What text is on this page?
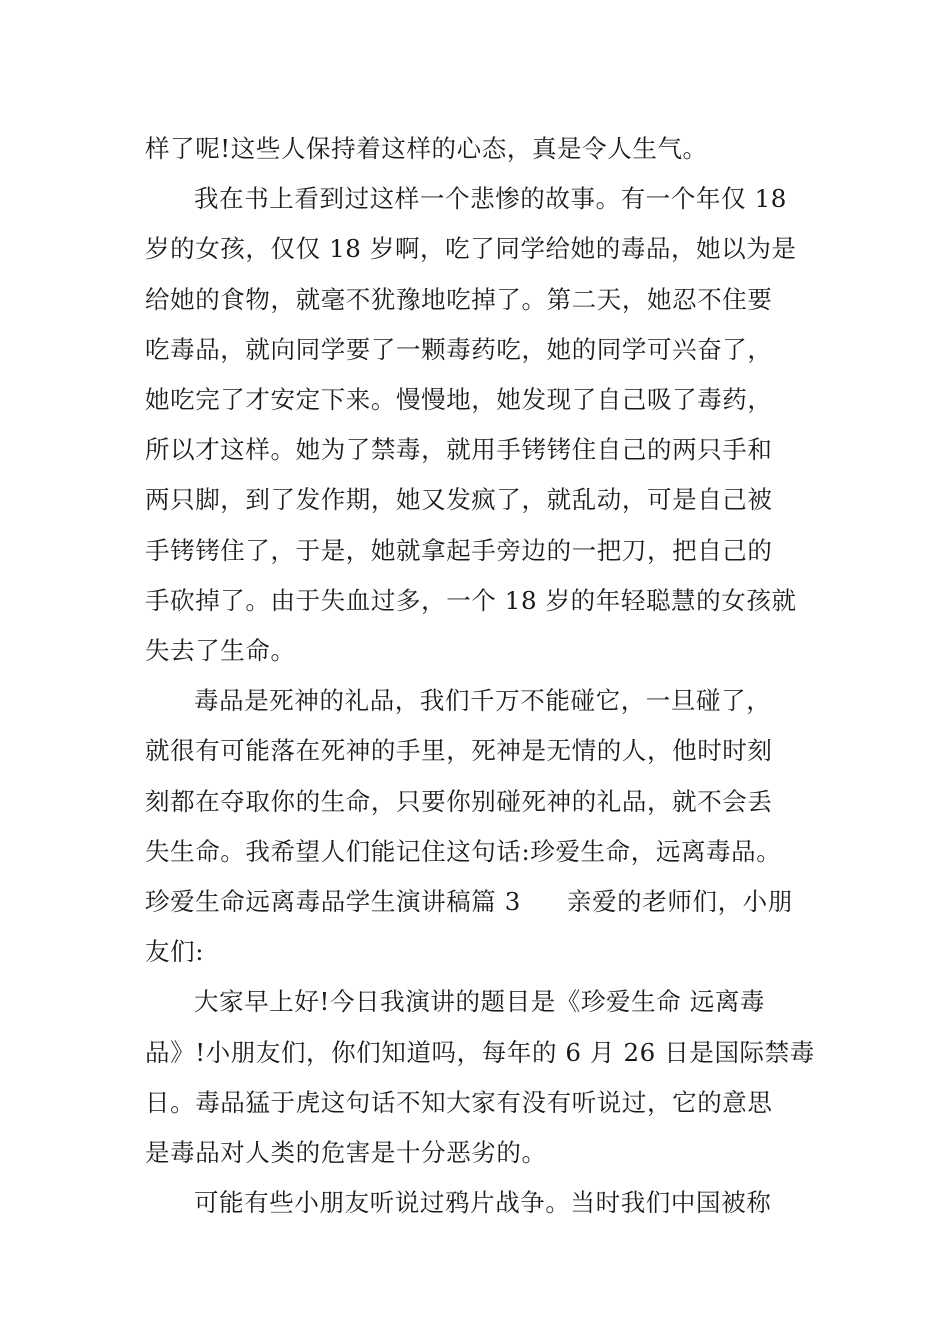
样了呢!这些人保持着这样的心态，真是令人生气。

我在书上看到过这样一个悲惨的故事。有一个年仅 18
岁的女孩，仅仅 18 岁啊，吃了同学给她的毒品，她以为是
给她的食物，就毫不犹豫地吃掉了。第二天，她忍不住要
吃毒品，就向同学要了一颗毒药吃，她的同学可兴奋了，
她吃完了才安定下来。慢慢地，她发现了自己吸了毒药，
所以才这样。她为了禁毒，就用手铐铐住自己的两只手和
两只脚，到了发作期，她又发疯了，就乱动，可是自己被
手铐铐住了，于是，她就拿起手旁边的一把刀，把自己的
手砍掉了。由于失血过多，一个 18 岁的年轻聪慧的女孩就
失去了生命。

毒品是死神的礼品，我们千万不能碰它，一旦碰了，
就很有可能落在死神的手里，死神是无情的人，他时时刻
刻都在夺取你的生命，只要你别碰死神的礼品，就不会丢
失生命。我希望人们能记住这句话:珍爱生命，远离毒品。

珍爱生命远离毒品学生演讲稿篇 3 亲爱的老师们，小朋
友们:

大家早上好!今日我演讲的题目是《珍爱生命 远离毒
品》!小朋友们，你们知道吗，每年的 6 月 26 日是国际禁毒
日。毒品猛于虎这句话不知大家有没有听说过，它的意思
是毒品对人类的危害是十分恶劣的。

可能有些小朋友听说过鸦片战争。当时我们中国被称
